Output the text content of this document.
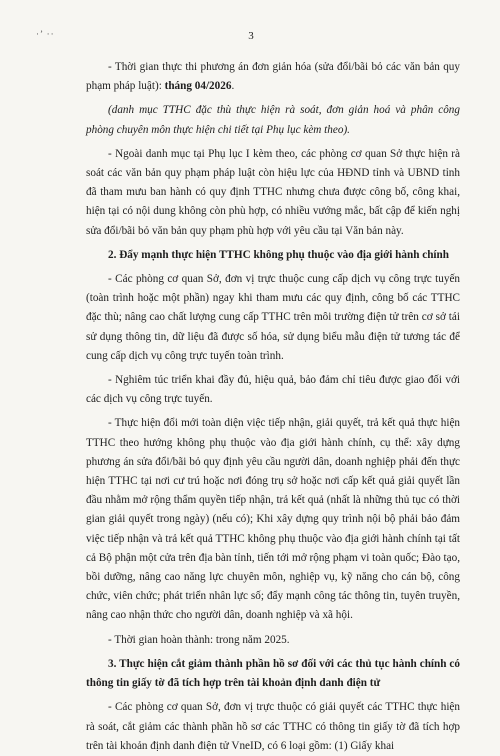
·’ ··	3

- Thời gian thực thi phương án đơn giản hóa (sửa đổi/bãi bỏ các văn bản quy phạm pháp luật): tháng 04/2026.

(danh mục TTHC đặc thù thực hiện rà soát, đơn giản hoá và phân công phòng chuyên môn thực hiện chi tiết tại Phụ lục kèm theo).

- Ngoài danh mục tại Phụ lục I kèm theo, các phòng cơ quan Sở thực hiện rà soát các văn bản quy phạm pháp luật còn hiệu lực của HĐND tỉnh và UBND tỉnh đã tham mưu ban hành có quy định TTHC nhưng chưa được công bố, công khai, hiện tại có nội dung không còn phù hợp, có nhiều vướng mắc, bất cập để kiến nghị sửa đổi/bãi bỏ văn bản quy phạm phù hợp với yêu cầu tại Văn bản này.

2. Đẩy mạnh thực hiện TTHC không phụ thuộc vào địa giới hành chính

- Các phòng cơ quan Sở, đơn vị trực thuộc cung cấp dịch vụ công trực tuyến (toàn trình hoặc một phần) ngay khi tham mưu các quy định, công bố các TTHC đặc thù; nâng cao chất lượng cung cấp TTHC trên môi trường điện tử trên cơ sở tái sử dụng thông tin, dữ liệu đã được số hóa, sử dụng biểu mẫu điện tử tương tác để cung cấp dịch vụ công trực tuyến toàn trình.

- Nghiêm túc triển khai đầy đủ, hiệu quả, bảo đảm chỉ tiêu được giao đối với các dịch vụ công trực tuyến.

- Thực hiện đổi mới toàn diện việc tiếp nhận, giải quyết, trả kết quả thực hiện TTHC theo hướng không phụ thuộc vào địa giới hành chính, cụ thể: xây dựng phương án sửa đổi/bãi bỏ quy định yêu cầu người dân, doanh nghiệp phải đến thực hiện TTHC tại nơi cư trú hoặc nơi đóng trụ sở hoặc nơi cấp kết quả giải quyết lần đầu nhằm mở rộng thẩm quyền tiếp nhận, trả kết quả (nhất là những thủ tục có thời gian giải quyết trong ngày) (nếu có); Khi xây dựng quy trình nội bộ phải bảo đảm việc tiếp nhận và trả kết quả TTHC không phụ thuộc vào địa giới hành chính tại tất cả Bộ phận một cửa trên địa bàn tỉnh, tiến tới mở rộng phạm vi toàn quốc; Đào tạo, bồi dưỡng, nâng cao năng lực chuyên môn, nghiệp vụ, kỹ năng cho cán bộ, công chức, viên chức; phát triển nhân lực số; đẩy mạnh công tác thông tin, tuyên truyền, nâng cao nhận thức cho người dân, doanh nghiệp và xã hội.

- Thời gian hoàn thành: trong năm 2025.

3. Thực hiện cắt giảm thành phần hồ sơ đối với các thủ tục hành chính có thông tin giấy tờ đã tích hợp trên tài khoản định danh điện tử

- Các phòng cơ quan Sở, đơn vị trực thuộc có giải quyết các TTHC thực hiện rà soát, cắt giảm các thành phần hồ sơ các TTHC có thông tin giấy tờ đã tích hợp trên tài khoản định danh điện tử VneID, có 6 loại gồm: (1) Giấy khai
